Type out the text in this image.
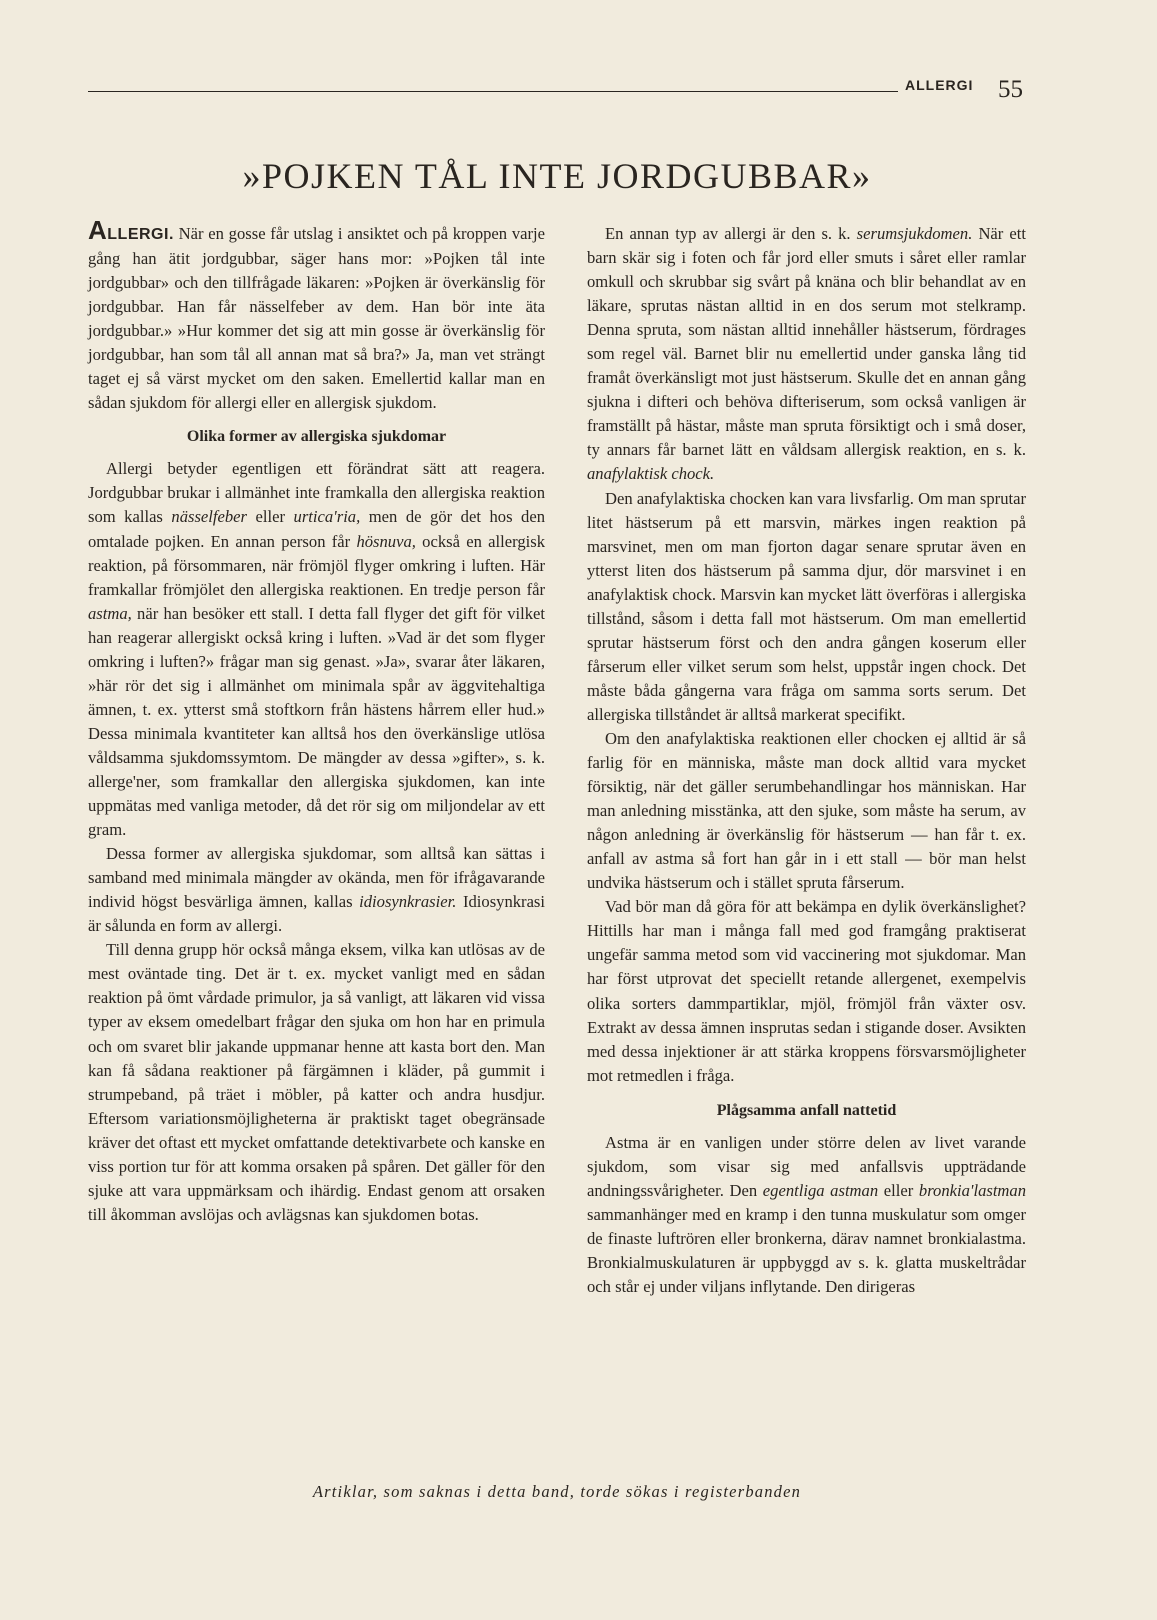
ALLERGI 55
»POJKEN TÅL INTE JORDGUBBAR»

ALLERGI. När en gosse får utslag i ansiktet och på kroppen varje gång han ätit jordgubbar, säger hans mor: »Pojken tål inte jordgubbar» och den tillfrågade läkaren: »Pojken är överkänslig för jordgubbar. Han får nässelfeber av dem. Han bör inte äta jordgubbar.» »Hur kommer det sig att min gosse är överkänslig för jordgubbar, han som tål all annan mat så bra?» Ja, man vet strängt taget ej så värst mycket om den saken. Emellertid kallar man en sådan sjukdom för allergi eller en allergisk sjukdom.

Olika former av allergiska sjukdomar

Allergi betyder egentligen ett förändrat sätt att reagera. Jordgubbar brukar i allmänhet inte framkalla den allergiska reaktion som kallas nässelfeber eller urtica'ria, men de gör det hos den omtalade pojken. En annan person får hösnuva, också en allergisk reaktion, på försommaren, när frömjöl flyger omkring i luften. Här framkallar frömjölet den allergiska reaktionen. En tredje person får astma, när han besöker ett stall. I detta fall flyger det gift för vilket han reagerar allergiskt också kring i luften. »Vad är det som flyger omkring i luften?» frågar man sig genast. »Ja», svarar åter läkaren, »här rör det sig i allmänhet om minimala spår av äggvitehaltiga ämnen, t. ex. ytterst små stoftkorn från hästens hårrem eller hud.» Dessa minimala kvantiteter kan alltså hos den överkänslige utlösa våldsamma sjukdomssymtom. De mängder av dessa »gifter», s. k. allerge'ner, som framkallar den allergiska sjukdomen, kan inte uppmätas med vanliga metoder, då det rör sig om miljondelar av ett gram.

Dessa former av allergiska sjukdomar, som alltså kan sättas i samband med minimala mängder av okända, men för ifrågavarande individ högst besvärliga ämnen, kallas idiosynkrasier. Idiosynkrasi är sålunda en form av allergi.

Till denna grupp hör också många eksem, vilka kan utlösas av de mest oväntade ting. Det är t. ex. mycket vanligt med en sådan reaktion på ömt vårdade primulor, ja så vanligt, att läkaren vid vissa typer av eksem omedelbart frågar den sjuka om hon har en primula och om svaret blir jakande uppmanar henne att kasta bort den. Man kan få sådana reaktioner på färgämnen i kläder, på gummit i strumpeband, på träet i möbler, på katter och andra husdjur. Eftersom variationsmöjligheterna är praktiskt taget obegränsade kräver det oftast ett mycket omfattande detektivarbete och kanske en viss portion tur för att komma orsaken på spåren. Det gäller för den sjuke att vara uppmärksam och ihärdig. Endast genom att orsaken till åkomman avslöjas och avlägsnas kan sjukdomen botas.

En annan typ av allergi är den s. k. serumsjukdomen. När ett barn skär sig i foten och får jord eller smuts i såret eller ramlar omkull och skrubbar sig svårt på knäna och blir behandlat av en läkare, sprutas nästan alltid in en dos serum mot stelkramp. Denna spruta, som nästan alltid innehåller hästserum, fördrages som regel väl. Barnet blir nu emellertid under ganska lång tid framåt överkänsligt mot just hästserum. Skulle det en annan gång sjukna i difteri och behöva difteriserum, som också vanligen är framställt på hästar, måste man spruta försiktigt och i små doser, ty annars får barnet lätt en våldsam allergisk reaktion, en s. k. anafylaktisk chock.

Den anafylaktiska chocken kan vara livsfarlig. Om man sprutar litet hästserum på ett marsvin, märkes ingen reaktion på marsvinet, men om man fjorton dagar senare sprutar även en ytterst liten dos hästserum på samma djur, dör marsvinet i en anafylaktisk chock. Marsvin kan mycket lätt överföras i allergiska tillstånd, såsom i detta fall mot hästserum. Om man emellertid sprutar hästserum först och den andra gången koserum eller fårserum eller vilket serum som helst, uppstår ingen chock. Det måste båda gångerna vara fråga om samma sorts serum. Det allergiska tillståndet är alltså markerat specifikt.

Om den anafylaktiska reaktionen eller chocken ej alltid är så farlig för en människa, måste man dock alltid vara mycket försiktig, när det gäller serumbehandlingar hos människan. Har man anledning misstänka, att den sjuke, som måste ha serum, av någon anledning är överkänslig för hästserum — han får t. ex. anfall av astma så fort han går in i ett stall — bör man helst undvika hästserum och i stället spruta fårserum.

Vad bör man då göra för att bekämpa en dylik överkänslighet? Hittills har man i många fall med god framgång praktiserat ungefär samma metod som vid vaccinering mot sjukdomar. Man har först utprovat det speciellt retande allergenet, exempelvis olika sorters dammpartiklar, mjöl, frömjöl från växter osv. Extrakt av dessa ämnen insprutas sedan i stigande doser. Avsikten med dessa injektioner är att stärka kroppens försvarsmöjligheter mot retmedlen i fråga.

Plågsamma anfall nattetid

Astma är en vanligen under större delen av livet varande sjukdom, som visar sig med anfallsvis uppträdande andningssvårigheter. Den egentliga astman eller bronkia'lastman sammanhänger med en kramp i den tunna muskulatur som omger de finaste luftrören eller bronkerna, därav namnet bronkialastma. Bronkialmuskulaturen är uppbyggd av s. k. glatta muskeltrådar och står ej under viljans inflytande. Den dirigeras

Artiklar, som saknas i detta band, torde sökas i registerbanden
